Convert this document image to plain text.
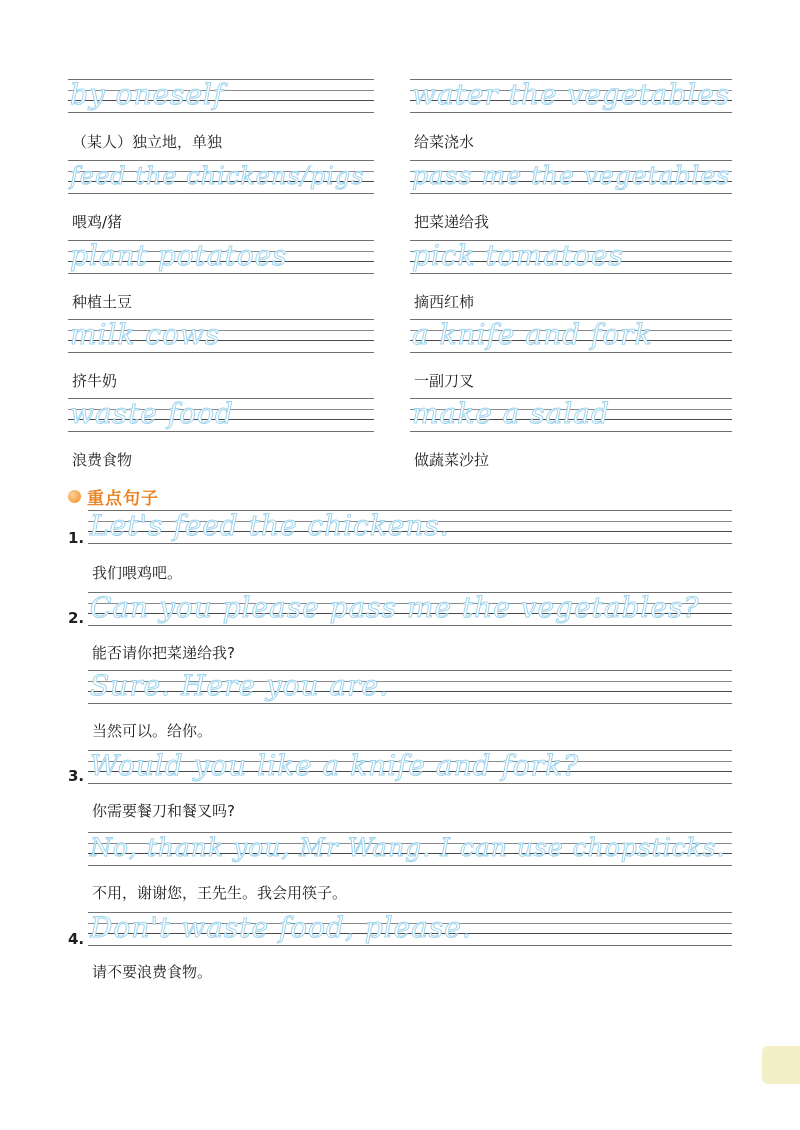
by oneself
（某人）独立地，单独
feed the chickens/pigs
喂鸡/猪
plant potatoes
种植土豆
milk cows
挤牛奶
waste food
浪费食物
water the vegetables
给菜浇水
pass me the vegetables
把菜递给我
pick tomatoes
摘西红柿
a knife and fork
一副刀叉
make a salad
做蔬菜沙拉
重点句子
1. Let's feed the chickens.
我们喂鸡吧。
2. Can you please pass me the vegetables?
能否请你把菜递给我?
Sure. Here you are.
当然可以。给你。
3. Would you like a knife and fork?
你需要餐刀和餐叉吗?
No, thank you, Mr Wang. I can use chopsticks.
不用，谢谢您，王先生。我会用筷子。
4. Don't waste food, please.
请不要浪费食物。
